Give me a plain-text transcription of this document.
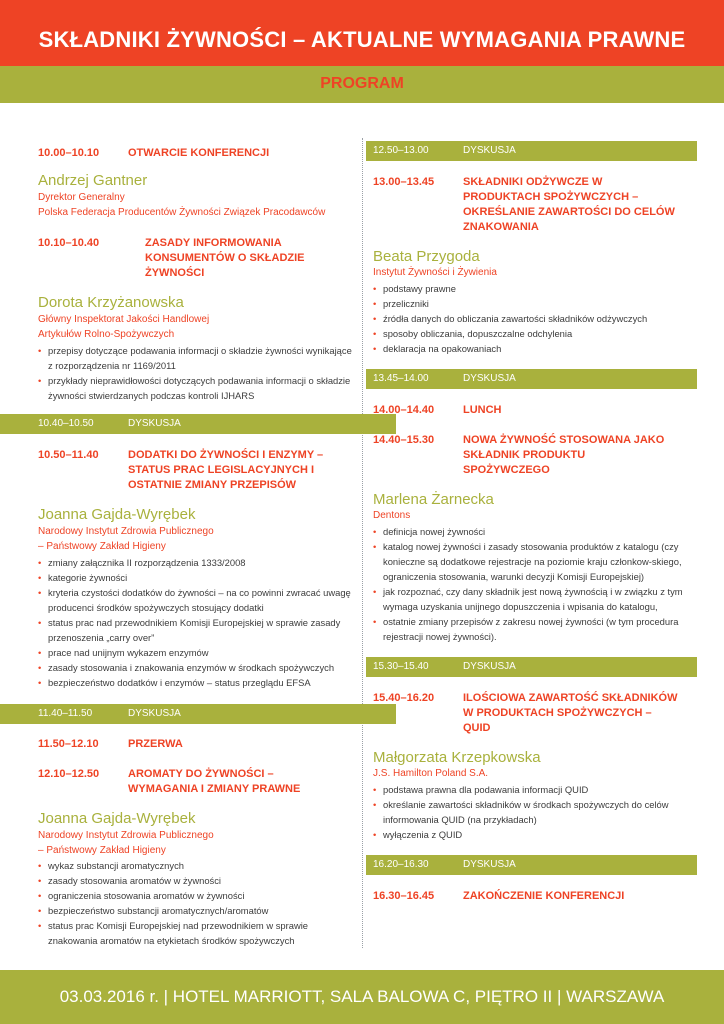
SKŁADNIKI ŻYWNOŚCI – AKTUALNE WYMAGANIA PRAWNE
PROGRAM
10.00–10.10	OTWARCIE KONFERENCJI
Andrzej Gantner
Dyrektor Generalny
Polska Federacja Producentów Żywności Związek Pracodawców
10.10–10.40	ZASADY INFORMOWANIA KONSUMENTÓW O SKŁADZIE ŻYWNOŚCI
Dorota Krzyżanowska
Główny Inspektorat Jakości Handlowej
Artykułów Rolno-Spożywczych
• przepisy dotyczące podawania informacji o składzie żywności wynikające z rozporządzenia nr 1169/2011
• przykłady nieprawidłowości dotyczących podawania informacji o składzie żywności stwierdzanych podczas kontroli IJHARS
10.40–10.50	DYSKUSJA
10.50–11.40	DODATKI DO ŻYWNOŚCI I ENZYMY – STATUS PRAC LEGISLACYJNYCH I OSTATNIE ZMIANY PRZEPISÓW
Joanna Gajda-Wyrębek
Narodowy Instytut Zdrowia Publicznego
– Państwowy Zakład Higieny
• zmiany załącznika II rozporządzenia 1333/2008
• kategorie żywności
• kryteria czystości dodatków do żywności – na co powinni zwracać uwagę producenci środków spożywczych stosujący dodatki
• status prac nad przewodnikiem Komisji Europejskiej w sprawie zasady przenoszenia „carry over”
• prace nad unijnym wykazem enzymów
• zasady stosowania i znakowania enzymów w środkach spożywczych
• bezpieczeństwo dodatków i enzymów – status przeglądu EFSA
11.40–11.50	DYSKUSJA
11.50–12.10	PRZERWA
12.10–12.50	AROMATY DO ŻYWNOŚCI – WYMAGANIA I ZMIANY PRAWNE
Joanna Gajda-Wyrębek
Narodowy Instytut Zdrowia Publicznego
– Państwowy Zakład Higieny
• wykaz substancji aromatycznych
• zasady stosowania aromatów w żywności
• ograniczenia stosowania aromatów w żywności
• bezpieczeństwo substancji aromatycznych/aromatów
• status prac Komisji Europejskiej nad przewodnikiem w sprawie znakowania aromatów na etykietach środków spożywczych
12.50–13.00	DYSKUSJA
13.00–13.45	SKŁADNIKI ODŻYWCZE W PRODUKTACH SPOŻYWCZYCH – OKREŚLANIE ZAWARTOŚCI DO CELÓW ZNAKOWANIA
Beata Przygoda
Instytut Żywności i Żywienia
• podstawy prawne
• przeliczniki
• źródła danych do obliczania zawartości składników odżywczych
• sposoby obliczania, dopuszczalne odchylenia
• deklaracja na opakowaniach
13.45–14.00	DYSKUSJA
14.00–14.40	LUNCH
14.40–15.30	NOWA ŻYWNOŚĆ STOSOWANA JAKO SKŁADNIK PRODUKTU SPOŻYWCZEGO
Marlena Żarnecka
Dentons
• definicja nowej żywności
• katalog nowej żywności i zasady stosowania produktów z katalogu (czy konieczne są dodatkowe rejestracje na poziomie kraju członkow-skiego, ograniczenia stosowania, warunki decyzji Komisji Europejskiej)
• jak rozpoznać, czy dany składnik jest nową żywnością i w związku z tym wymaga uzyskania unijnego dopuszczenia i wpisania do katalogu,
• ostatnie zmiany przepisów z zakresu nowej żywności (w tym procedura rejestracji nowej żywności).
15.30–15.40	DYSKUSJA
15.40–16.20	ILOŚCIOWA ZAWARTOŚĆ SKŁADNIKÓW W PRODUKTACH SPOŻYWCZYCH – QUID
Małgorzata Krzepkowska
J.S. Hamilton Poland S.A.
• podstawa prawna dla podawania informacji QUID
• określanie zawartości składników w środkach spożywczych do celów informowania QUID (na przykładach)
• wyłączenia z QUID
16.20–16.30	DYSKUSJA
16.30–16.45	ZAKOŃCZENIE KONFERENCJI
03.03.2016 r. | HOTEL MARRIOTT, SALA BALOWA C, PIĘTRO II | WARSZAWA
